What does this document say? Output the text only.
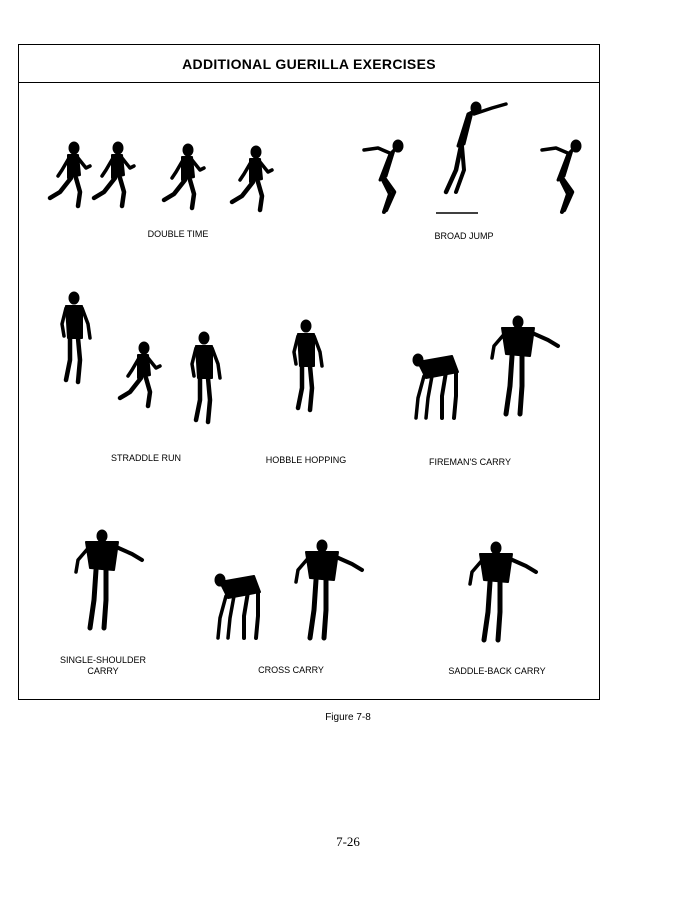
ADDITIONAL GUERILLA EXERCISES
DOUBLE TIME	BROAD JUMP
STRADDLE RUN	HOBBLE HOPPING	FIREMAN'S CARRY
SINGLE-SHOULDER
CARRY	CROSS CARRY	SADDLE-BACK CARRY
Figure 7-8
7-26
